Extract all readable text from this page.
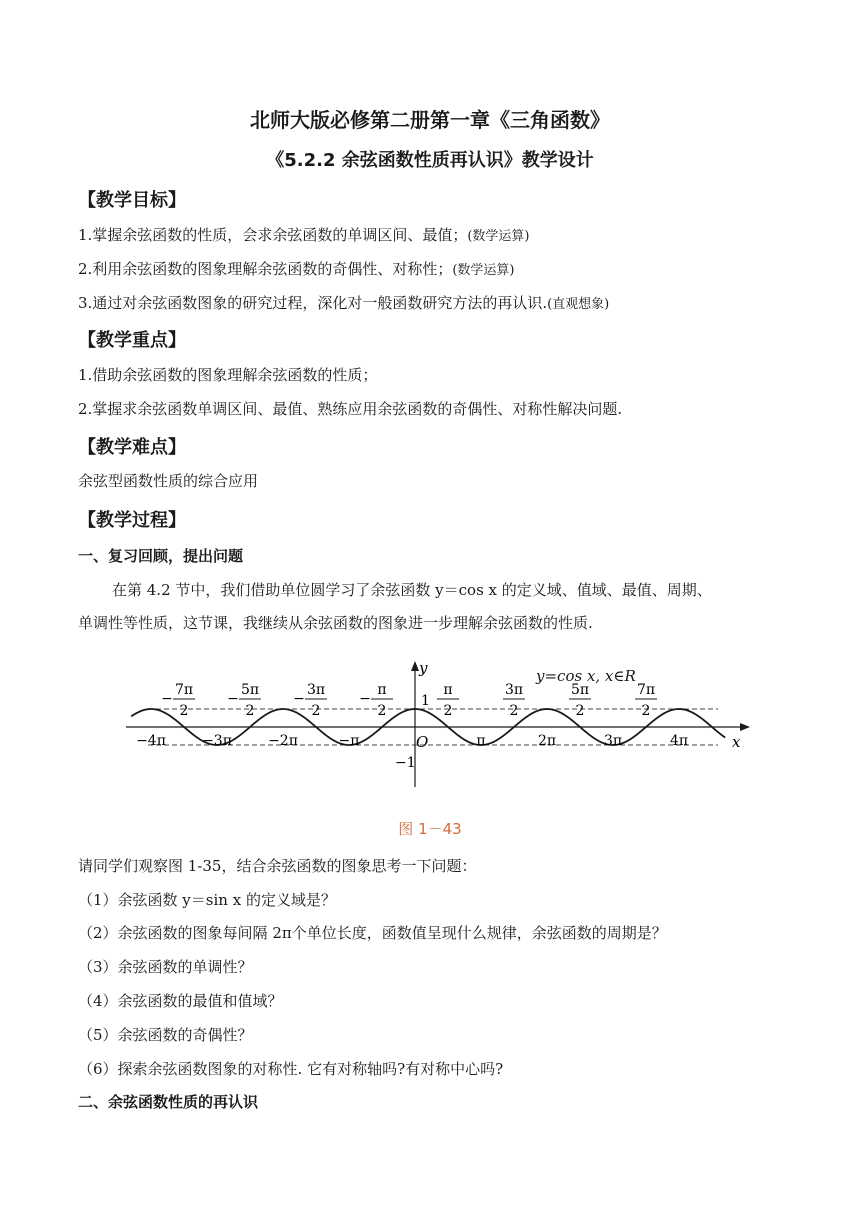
北师大版必修第二册第一章《三角函数》
《5.2.2 余弦函数性质再认识》教学设计
【教学目标】
1.掌握余弦函数的性质，会求余弦函数的单调区间、最值；(数学运算)
2.利用余弦函数的图象理解余弦函数的奇偶性、对称性；(数学运算)
3.通过对余弦函数图象的研究过程，深化对一般函数研究方法的再认识.(直观想象)
【教学重点】
1.借助余弦函数的图象理解余弦函数的性质；
2.掌握求余弦函数单调区间、最值、熟练应用余弦函数的奇偶性、对称性解决问题.
【教学难点】
余弦型函数性质的综合应用
【教学过程】
一、复习回顾，提出问题
在第 4.2 节中，我们借助单位圆学习了余弦函数 y＝cos x 的定义域、值域、最值、周期、
单调性等性质，这节课，我继续从余弦函数的图象进一步理解余弦函数的性质.
y=cos x, x∈R
x
y
O
1
−1
−4π	−3π	−2π	−π	π	2π	3π	4π
7π
2
−
5π
2
−
3π
2
−
π
2
−
π
2
3π
2
5π
2
7π
2
图 1－43
请同学们观察图 1-35，结合余弦函数的图象思考一下问题：
（1）余弦函数 y＝sin x 的定义域是？
（2）余弦函数的图象每间隔 2π个单位长度，函数值呈现什么规律，余弦函数的周期是？
（3）余弦函数的单调性？
（4）余弦函数的最值和值域？
（5）余弦函数的奇偶性？
（6）探索余弦函数图象的对称性. 它有对称轴吗?有对称中心吗?
二、余弦函数性质的再认识
